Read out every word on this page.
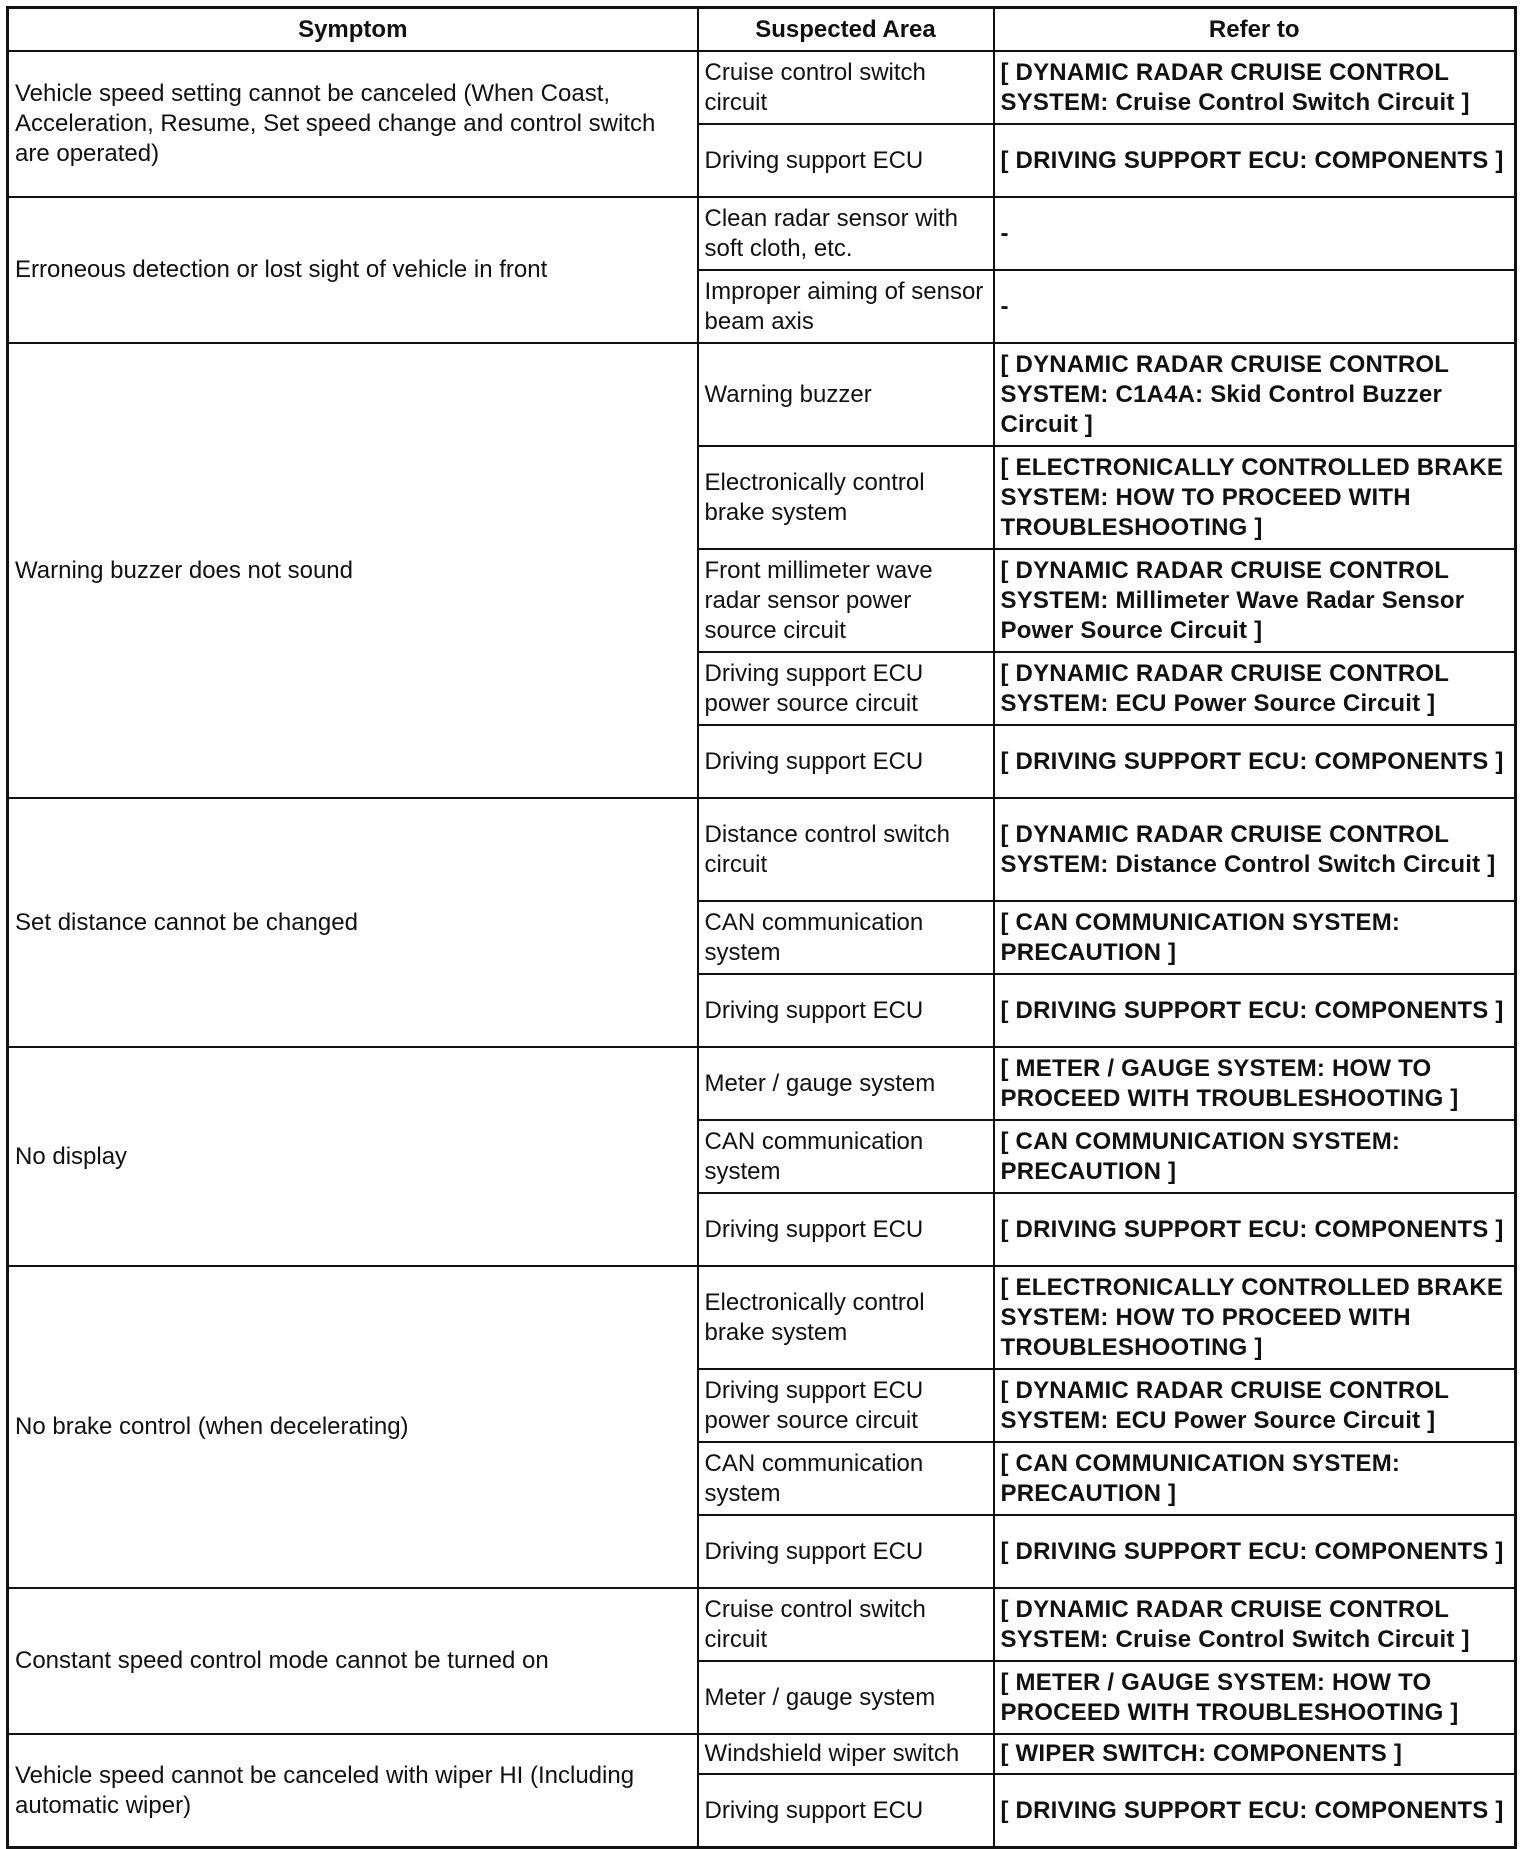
Symptom	Suspected Area	Refer to
Vehicle speed setting cannot be canceled (When Coast, Acceleration, Resume, Set speed change and control switch are operated)	Cruise control switch circuit	[ DYNAMIC RADAR CRUISE CONTROL SYSTEM: Cruise Control Switch Circuit ]
	Driving support ECU	[ DRIVING SUPPORT ECU: COMPONENTS ]
Erroneous detection or lost sight of vehicle in front	Clean radar sensor with soft cloth, etc.	-
	Improper aiming of sensor beam axis	-
Warning buzzer does not sound	Warning buzzer	[ DYNAMIC RADAR CRUISE CONTROL SYSTEM: C1A4A: Skid Control Buzzer Circuit ]
	Electronically control brake system	[ ELECTRONICALLY CONTROLLED BRAKE SYSTEM: HOW TO PROCEED WITH TROUBLESHOOTING ]
	Front millimeter wave radar sensor power source circuit	[ DYNAMIC RADAR CRUISE CONTROL SYSTEM: Millimeter Wave Radar Sensor Power Source Circuit ]
	Driving support ECU power source circuit	[ DYNAMIC RADAR CRUISE CONTROL SYSTEM: ECU Power Source Circuit ]
	Driving support ECU	[ DRIVING SUPPORT ECU: COMPONENTS ]
Set distance cannot be changed	Distance control switch circuit	[ DYNAMIC RADAR CRUISE CONTROL SYSTEM: Distance Control Switch Circuit ]
	CAN communication system	[ CAN COMMUNICATION SYSTEM: PRECAUTION ]
	Driving support ECU	[ DRIVING SUPPORT ECU: COMPONENTS ]
No display	Meter / gauge system	[ METER / GAUGE SYSTEM: HOW TO PROCEED WITH TROUBLESHOOTING ]
	CAN communication system	[ CAN COMMUNICATION SYSTEM: PRECAUTION ]
	Driving support ECU	[ DRIVING SUPPORT ECU: COMPONENTS ]
No brake control (when decelerating)	Electronically control brake system	[ ELECTRONICALLY CONTROLLED BRAKE SYSTEM: HOW TO PROCEED WITH TROUBLESHOOTING ]
	Driving support ECU power source circuit	[ DYNAMIC RADAR CRUISE CONTROL SYSTEM: ECU Power Source Circuit ]
	CAN communication system	[ CAN COMMUNICATION SYSTEM: PRECAUTION ]
	Driving support ECU	[ DRIVING SUPPORT ECU: COMPONENTS ]
Constant speed control mode cannot be turned on	Cruise control switch circuit	[ DYNAMIC RADAR CRUISE CONTROL SYSTEM: Cruise Control Switch Circuit ]
	Meter / gauge system	[ METER / GAUGE SYSTEM: HOW TO PROCEED WITH TROUBLESHOOTING ]
Vehicle speed cannot be canceled with wiper HI (Including automatic wiper)	Windshield wiper switch	[ WIPER SWITCH: COMPONENTS ]
	Driving support ECU	[ DRIVING SUPPORT ECU: COMPONENTS ]
